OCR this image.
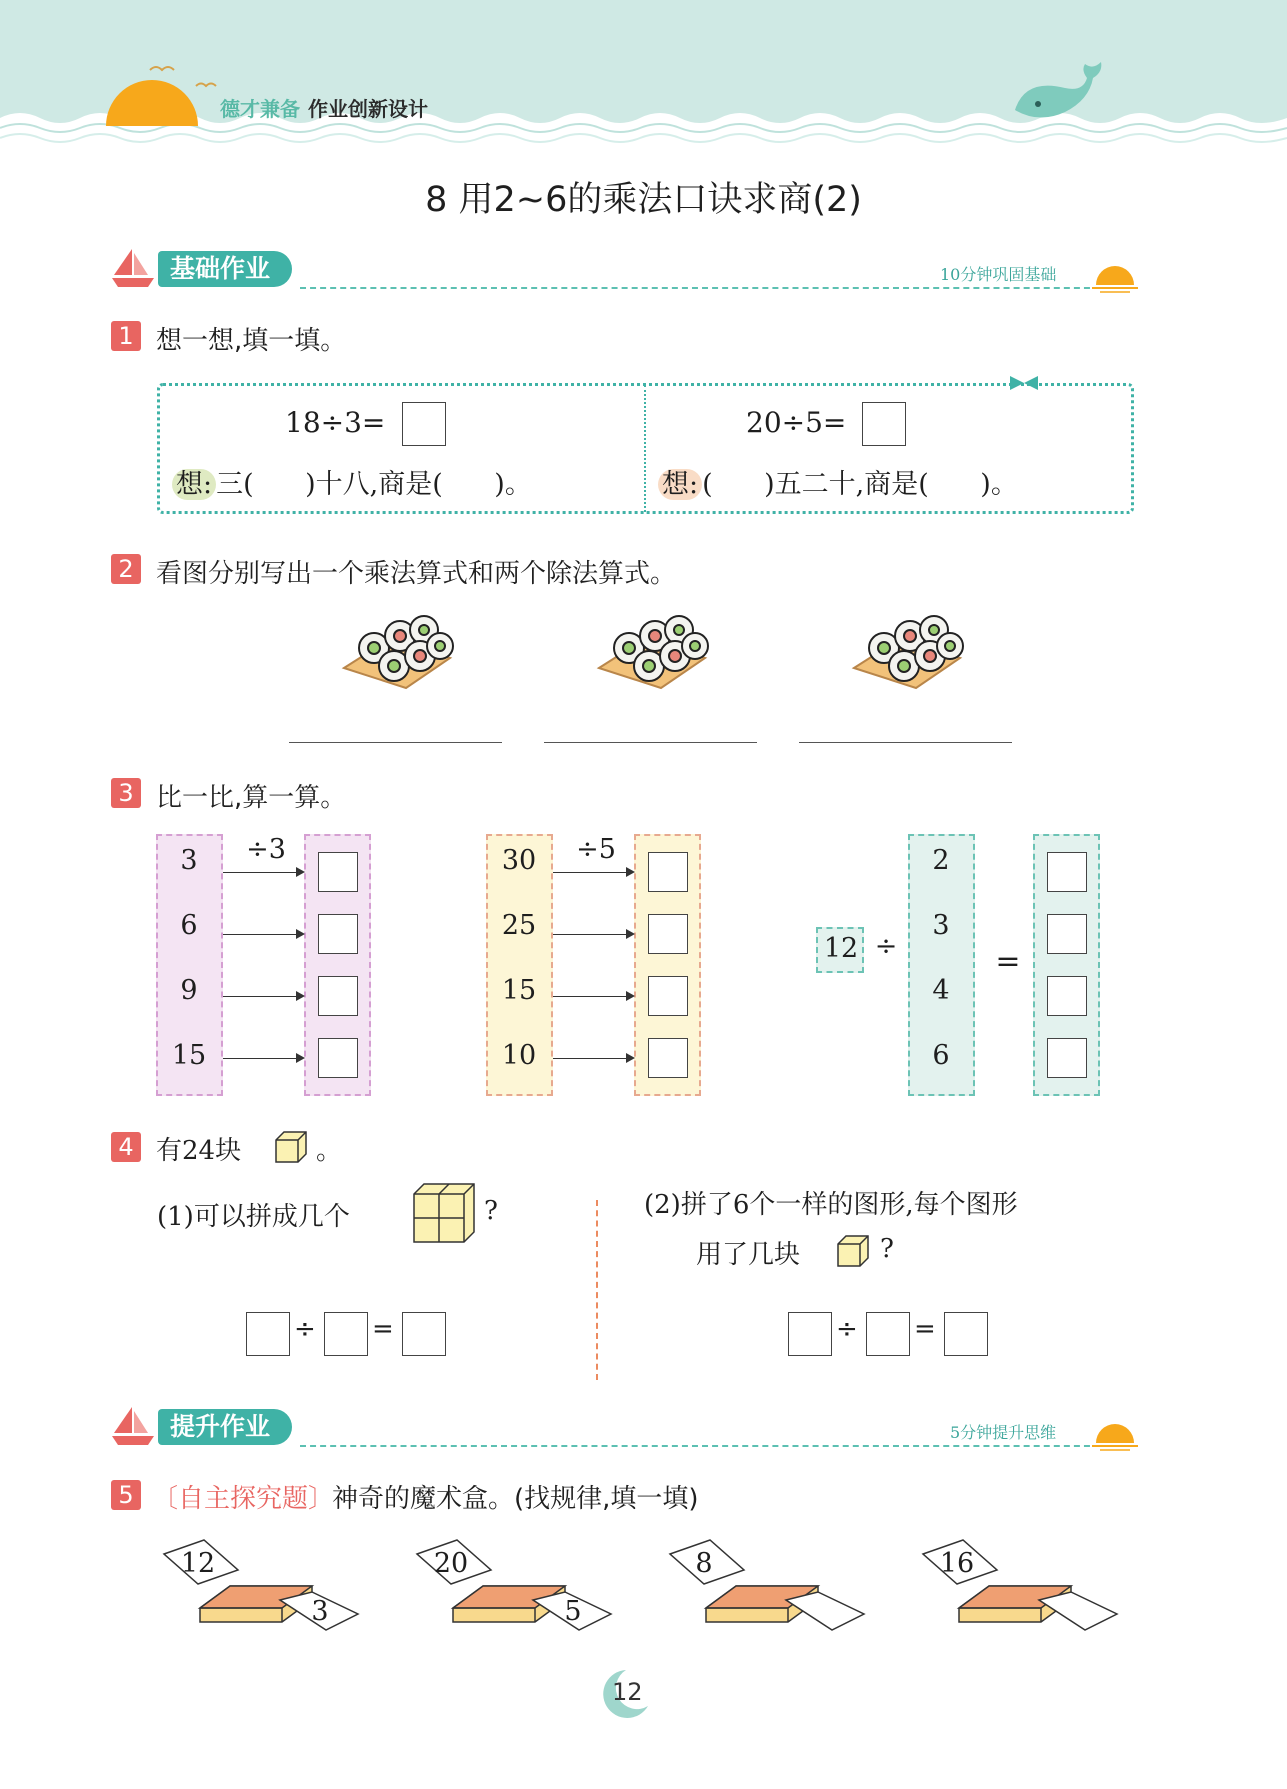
德才兼备 作业创新设计
8 用2~6的乘法口诀求商(2)
基础作业	10分钟巩固基础
1 想一想,填一填。
18÷3=
想: 三(      )十八,商是(      )。
20÷5=
想: (      )五二十,商是(      )。
2 看图分别写出一个乘法算式和两个除法算式。
3 比一比,算一算。
3
6
9
15
÷3	30
25
15
10
÷5
12 ÷
2
3
4
6
=
4 有24块	。
(1)可以拼成几个	?
÷ =
(2)拼了6个一样的图形,每个图形
用了几块	?
÷ =
提升作业	5分钟提升思维
5 〔自主探究题〕
神奇的魔术盒。(找规律,填一填)
12
3
20
5
8	16
12
